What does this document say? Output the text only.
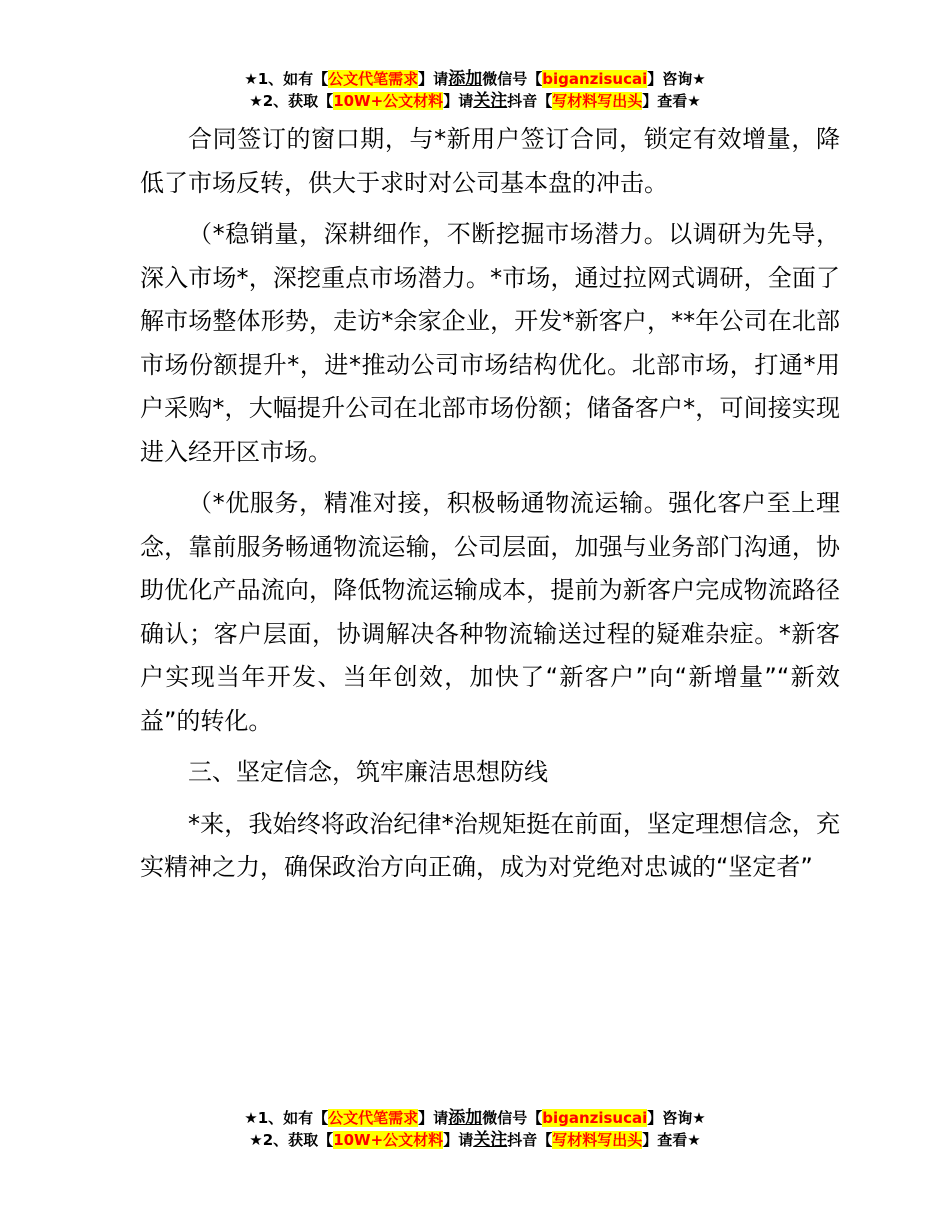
★1、如有【公文代笔需求】请添加微信号【biganzisucai】咨询★
★2、获取【10W+公文材料】请关注抖音【写材料写出头】查看★

合同签订的窗口期，与*新用户签订合同，锁定有效增量，降低了市场反转，供大于求时对公司基本盘的冲击。

（*稳销量，深耕细作，不断挖掘市场潜力。以调研为先导，深入市场*，深挖重点市场潜力。*市场，通过拉网式调研，全面了解市场整体形势，走访*余家企业，开发*新客户，**年公司在北部市场份额提升*，进*推动公司市场结构优化。北部市场，打通*用户采购*，大幅提升公司在北部市场份额；储备客户*，可间接实现进入经开区市场。

（*优服务，精准对接，积极畅通物流运输。强化客户至上理念，靠前服务畅通物流运输，公司层面，加强与业务部门沟通，协助优化产品流向，降低物流运输成本，提前为新客户完成物流路径确认；客户层面，协调解决各种物流输送过程的疑难杂症。*新客户实现当年开发、当年创效，加快了“新客户”向“新增量”“新效益”的转化。

三、坚定信念，筑牢廉洁思想防线

*来，我始终将政治纪律*治规矩挺在前面，坚定理想信念，充实精神之力，确保政治方向正确，成为对党绝对忠诚的“坚定者”

★1、如有【公文代笔需求】请添加微信号【biganzisucai】咨询★
★2、获取【10W+公文材料】请关注抖音【写材料写出头】查看★
